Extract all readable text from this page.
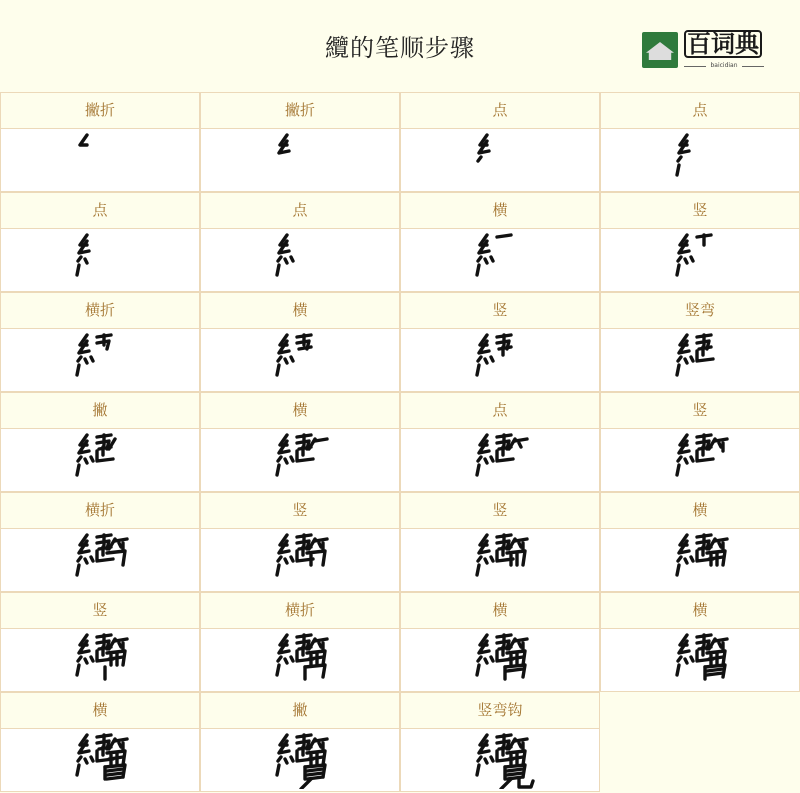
纜的笔顺步骤	百词典
baicidian
撇折	撇折	点	点
点	点	横	竖
横折	横	竖	竖弯
撇	横	点	竖
横折	竖	竖	横
竖	横折	横	横
横	撇	竖弯钩
